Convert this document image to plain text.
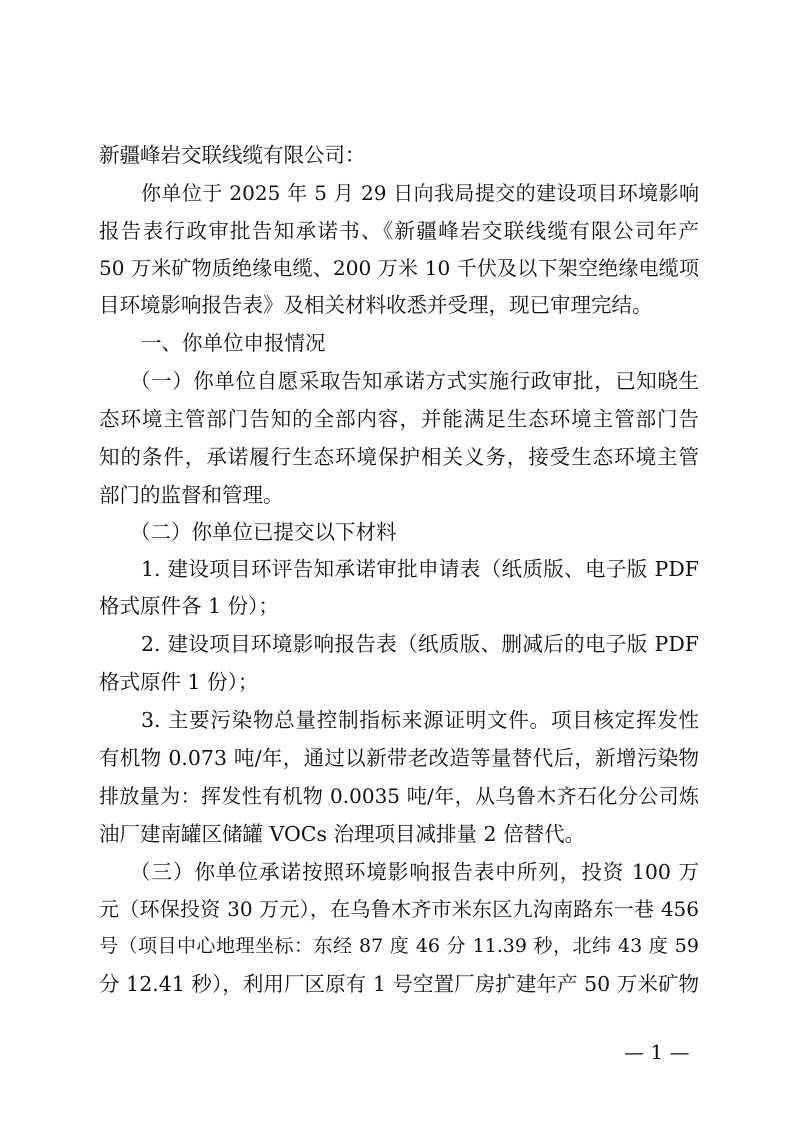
新疆峰岩交联线缆有限公司：
你单位于 2025 年 5 月 29 日向我局提交的建设项目环境影响
报告表行政审批告知承诺书、《新疆峰岩交联线缆有限公司年产
50 万米矿物质绝缘电缆、200 万米 10 千伏及以下架空绝缘电缆项
目环境影响报告表》及相关材料收悉并受理，现已审理完结。
一、你单位申报情况
（一）你单位自愿采取告知承诺方式实施行政审批，已知晓生
态环境主管部门告知的全部内容，并能满足生态环境主管部门告
知的条件，承诺履行生态环境保护相关义务，接受生态环境主管
部门的监督和管理。
（二）你单位已提交以下材料
1. 建设项目环评告知承诺审批申请表（纸质版、电子版 PDF
格式原件各 1 份）；
2. 建设项目环境影响报告表（纸质版、删减后的电子版 PDF
格式原件 1 份）；
3. 主要污染物总量控制指标来源证明文件。项目核定挥发性
有机物 0.073 吨/年，通过以新带老改造等量替代后，新增污染物
排放量为：挥发性有机物 0.0035 吨/年，从乌鲁木齐石化分公司炼
油厂建南罐区储罐 VOCs 治理项目减排量 2 倍替代。
（三）你单位承诺按照环境影响报告表中所列，投资 100 万
元（环保投资 30 万元），在乌鲁木齐市米东区九沟南路东一巷 456
号（项目中心地理坐标：东经 87 度 46 分 11.39 秒，北纬 43 度 59
分 12.41 秒），利用厂区原有 1 号空置厂房扩建年产 50 万米矿物
— 1 —
